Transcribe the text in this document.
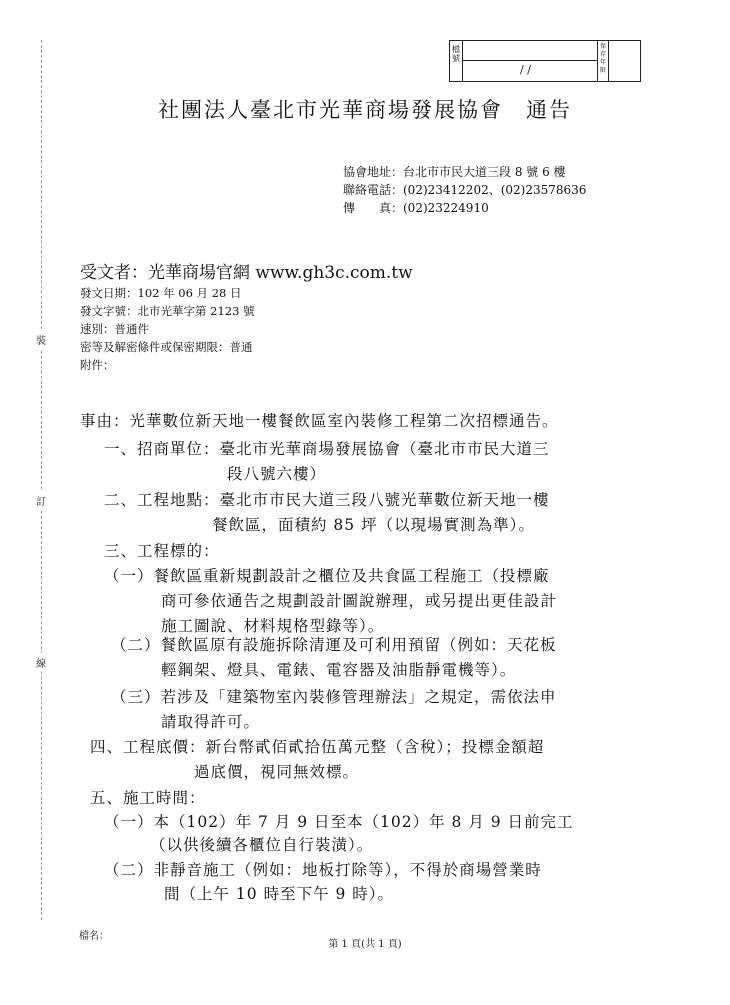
檔號
/ /
保存年限
裝
訂
線
社團法人臺北市光華商場發展協會　通告
協會地址：台北市市民大道三段 8 號 6 樓
聯絡電話：(02)23412202、(02)23578636
傳　　真：(02)23224910
受文者：光華商場官網 www.gh3c.com.tw
發文日期：102 年 06 月 28 日
發文字號：北市光華字第 2123 號
速別：普通件
密等及解密條件或保密期限：普通
附件：
事由：光華數位新天地一樓餐飲區室內裝修工程第二次招標通告。
一、招商單位：臺北市光華商場發展協會（臺北市市民大道三
段八號六樓）
二、工程地點：臺北市市民大道三段八號光華數位新天地一樓
餐飲區，面積約 85 坪（以現場實測為準）。
三、工程標的：
（一）餐飲區重新規劃設計之櫃位及共食區工程施工（投標廠
商可參依通告之規劃設計圖說辦理，或另提出更佳設計
施工圖說、材料規格型錄等）。
（二）餐飲區原有設施拆除清運及可利用預留（例如：天花板
輕鋼架、燈具、電錶、電容器及油脂靜電機等）。
（三）若涉及「建築物室內裝修管理辦法」之規定，需依法申
請取得許可。
四、工程底價：新台幣貳佰貳拾伍萬元整（含稅）；投標金額超
過底價，視同無效標。
五、施工時間：
（一）本（102）年 7 月 9 日至本（102）年 8 月 9 日前完工
（以供後續各櫃位自行裝潢）。
（二）非靜音施工（例如：地板打除等），不得於商場營業時
間（上午 10 時至下午 9 時）。
檔名：
第 1 頁(共 1 頁)
